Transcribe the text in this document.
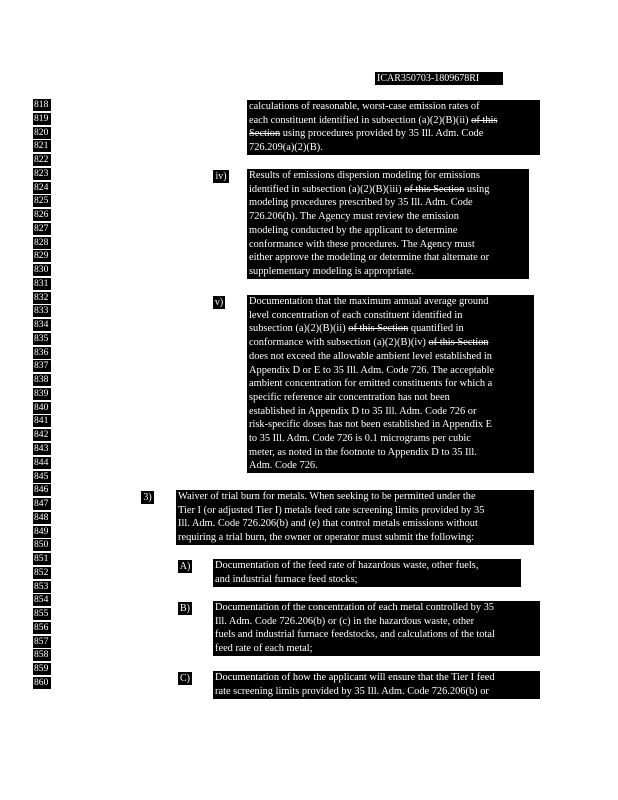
ICAR350703-1809678RI
818
819
820
821
822
823
824
825
826
827
828
829
830
831
832
833
834
835
836
837
838
839
840
841
842
843
844
845
846
847
848
849
850
851
852
853
854
855
856
857
858
859
860
calculations of reasonable, worst-case emission rates of
each constituent identified in subsection (a)(2)(B)(ii) of this
Section using procedures provided by 35 Ill. Adm. Code
726.209(a)(2)(B).
iv) Results of emissions dispersion modeling for emissions
identified in subsection (a)(2)(B)(iii) of this Section using
modeling procedures prescribed by 35 Ill. Adm. Code
726.206(h). The Agency must review the emission
modeling conducted by the applicant to determine
conformance with these procedures. The Agency must
either approve the modeling or determine that alternate or
supplementary modeling is appropriate.
v) Documentation that the maximum annual average ground
level concentration of each constituent identified in
subsection (a)(2)(B)(ii) of this Section quantified in
conformance with subsection (a)(2)(B)(iv) of this Section
does not exceed the allowable ambient level established in
Appendix D or E to 35 Ill. Adm. Code 726. The acceptable
ambient concentration for emitted constituents for which a
specific reference air concentration has not been
established in Appendix D to 35 Ill. Adm. Code 726 or
risk-specific doses has not been established in Appendix E
to 35 Ill. Adm. Code 726 is 0.1 micrograms per cubic
meter, as noted in the footnote to Appendix D to 35 Ill.
Adm. Code 726.
3)	Waiver of trial burn for metals. When seeking to be permitted under the
Tier I (or adjusted Tier I) metals feed rate screening limits provided by 35
Ill. Adm. Code 726.206(b) and (e) that control metals emissions without
requiring a trial burn, the owner or operator must submit the following:
A) Documentation of the feed rate of hazardous waste, other fuels,
and industrial furnace feed stocks;
B) Documentation of the concentration of each metal controlled by 35
Ill. Adm. Code 726.206(b) or (c) in the hazardous waste, other
fuels and industrial furnace feedstocks, and calculations of the total
feed rate of each metal;
C) Documentation of how the applicant will ensure that the Tier I feed
rate screening limits provided by 35 Ill. Adm. Code 726.206(b) or
